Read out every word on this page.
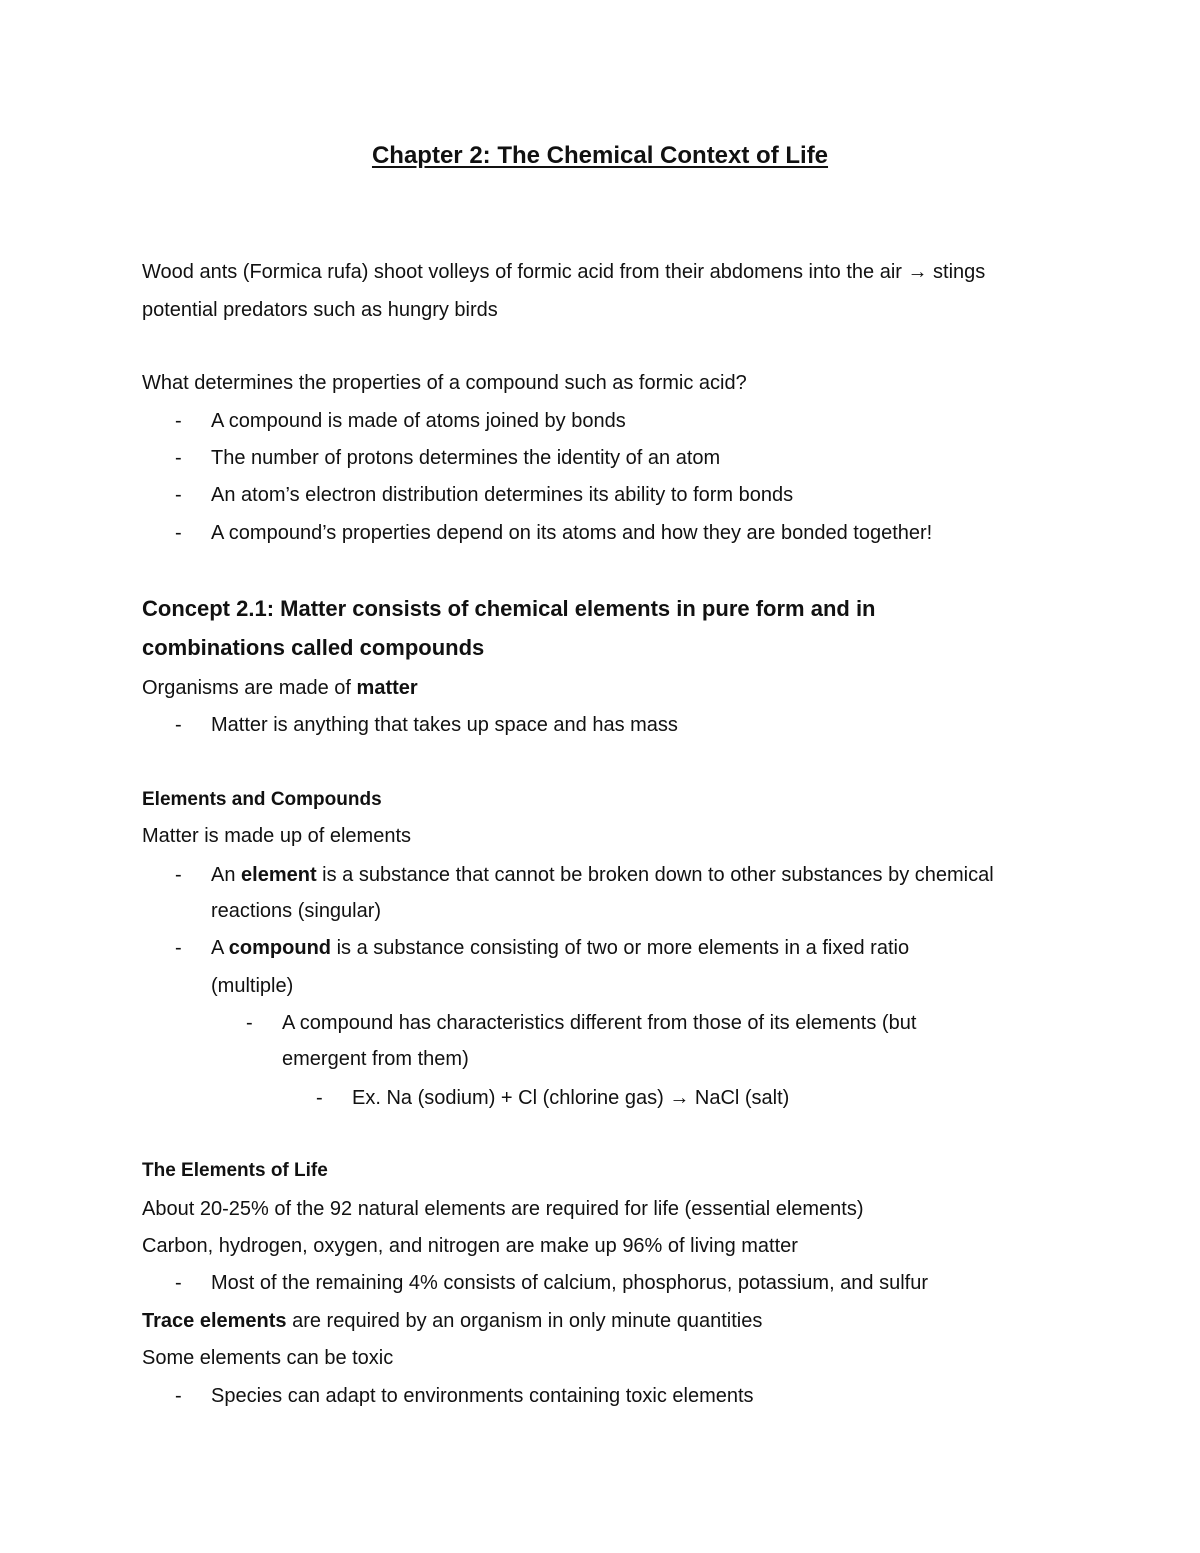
Chapter 2: The Chemical Context of Life
Wood ants (Formica rufa) shoot volleys of formic acid from their abdomens into the air → stings
potential predators such as hungry birds
What determines the properties of a compound such as formic acid?
- A compound is made of atoms joined by bonds
- The number of protons determines the identity of an atom
- An atom’s electron distribution determines its ability to form bonds
- A compound’s properties depend on its atoms and how they are bonded together!
Concept 2.1: Matter consists of chemical elements in pure form and in
combinations called compounds
Organisms are made of matter
- Matter is anything that takes up space and has mass
Elements and Compounds
Matter is made up of elements
- An element is a substance that cannot be broken down to other substances by chemical
reactions (singular)
- A compound is a substance consisting of two or more elements in a fixed ratio
(multiple)
- A compound has characteristics different from those of its elements (but
emergent from them)
- Ex. Na (sodium) + Cl (chlorine gas) → NaCl (salt)
The Elements of Life
About 20-25% of the 92 natural elements are required for life (essential elements)
Carbon, hydrogen, oxygen, and nitrogen are make up 96% of living matter
- Most of the remaining 4% consists of calcium, phosphorus, potassium, and sulfur
Trace elements are required by an organism in only minute quantities
Some elements can be toxic
- Species can adapt to environments containing toxic elements
